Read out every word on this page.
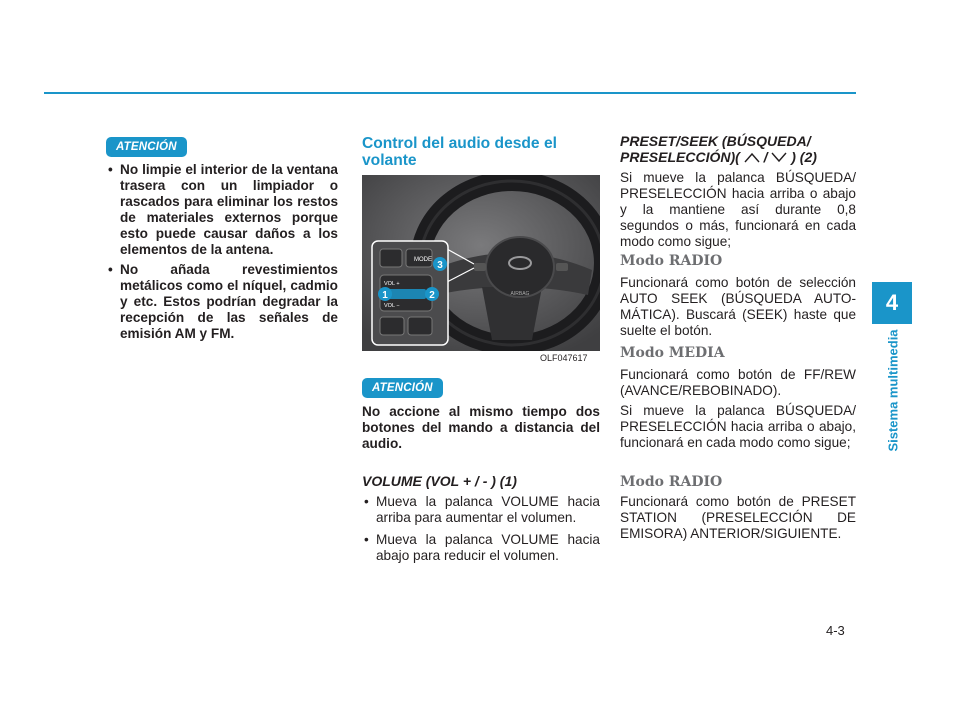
ATENCIÓN
• No limpie el interior de la ventana trasera con un limpiador o rascados para eliminar los restos de materiales externos porque esto puede causar daños a los elementos de la antena.
• No añada revestimientos metálicos como el níquel, cadmio y etc. Estos podrían degradar la recepción de las señales de emisión AM y FM.
Control del audio desde el volante
AIRBAG
MODE
VOL +
VOL −
1	2
3
OLF047617
ATENCIÓN

No accione al mismo tiempo dos botones del mando a distancia del audio.

VOLUME (VOL + / - ) (1)
• Mueva la palanca VOLUME hacia arriba para aumentar el volumen.
• Mueva la palanca VOLUME hacia abajo para reducir el volumen.
PRESET/SEEK (BÚSQUEDA/
PRESELECCIÓN)(  /  ) (2)

Si mueve la palanca BÚSQUEDA/ PRESELECCIÓN hacia arriba o abajo y la mantiene así durante 0,8 segundos o más, funcionará en cada modo como sigue;

Modo RADIO

Funcionará como botón de selección AUTO SEEK (BÚSQUEDA AUTO-MÁTICA). Buscará (SEEK) haste que suelte el botón.

Modo MEDIA

Funcionará como botón de FF/REW (AVANCE/REBOBINADO).

Si mueve la palanca BÚSQUEDA/ PRESELECCIÓN hacia arriba o abajo, funcionará en cada modo como sigue;

Modo RADIO

Funcionará como botón de PRESET STATION (PRESELECCIÓN DE EMISORA) ANTERIOR/SIGUIENTE.

4
Sistema multimedia
4-3
